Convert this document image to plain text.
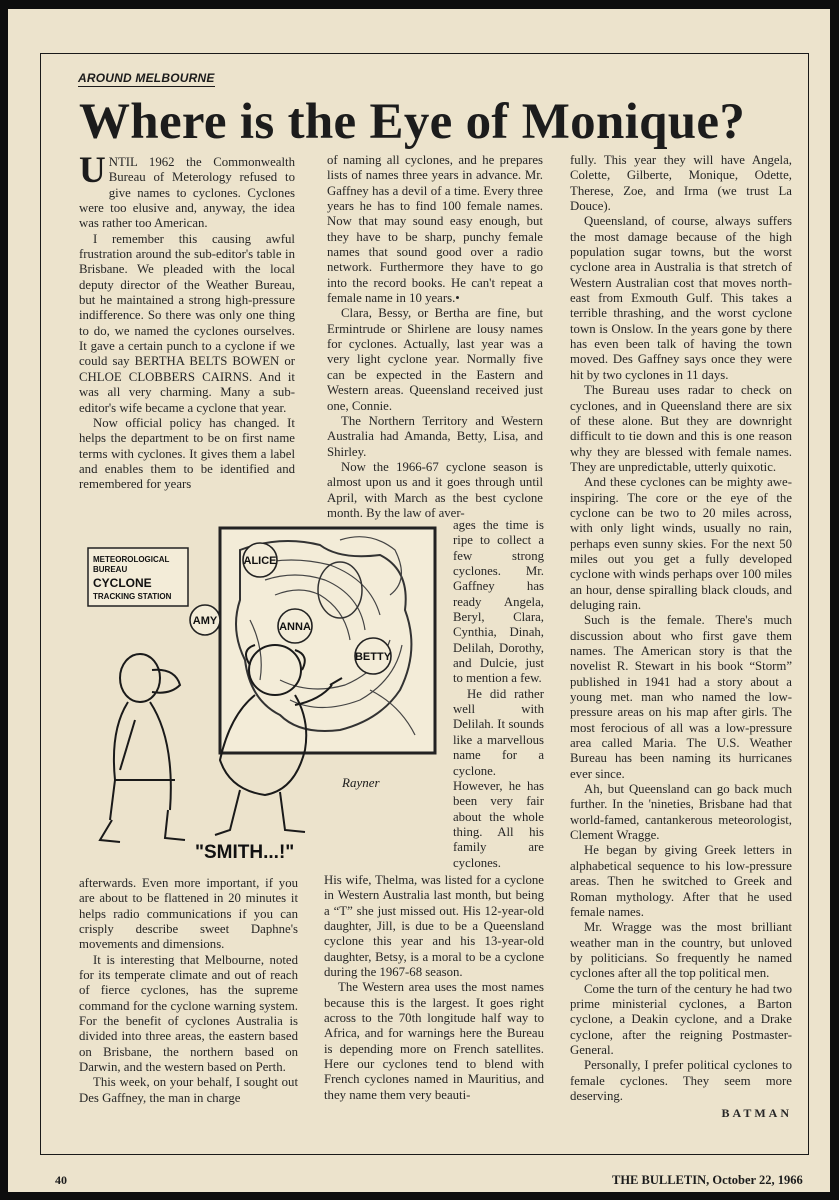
AROUND MELBOURNE
Where is the Eye of Monique?

UNTIL 1962 the Commonwealth Bureau of Meterology refused to give names to cyclones. Cyclones were too elusive and, anyway, the idea was rather too American.

I remember this causing awful frustration around the sub-editor's table in Brisbane. We pleaded with the local deputy director of the Weather Bureau, but he maintained a strong high-pressure indifference. So there was only one thing to do, we named the cyclones ourselves. It gave a certain punch to a cyclone if we could say BERTHA BELTS BOWEN or CHLOE CLOBBERS CAIRNS. And it was all very charming. Many a sub-editor's wife became a cyclone that year.

Now official policy has changed. It helps the department to be on first name terms with cyclones. It gives them a label and enables them to be identified and remembered for years

of naming all cyclones, and he prepares lists of names three years in advance. Mr. Gaffney has a devil of a time. Every three years he has to find 100 female names. Now that may sound easy enough, but they have to be sharp, punchy female names that sound good over a radio network. Furthermore they have to go into the record books. He can't repeat a female name in 10 years.•

Clara, Bessy, or Bertha are fine, but Ermintrude or Shirlene are lousy names for cyclones. Actually, last year was a very light cyclone year. Normally five can be expected in the Eastern and Western areas. Queensland received just one, Connie.

The Northern Territory and Western Australia had Amanda, Betty, Lisa, and Shirley.

Now the 1966-67 cyclone season is almost upon us and it goes through until April, with March as the best cyclone month. By the law of aver-

ages the time is ripe to collect a few strong cyclones. Mr. Gaffney has ready Angela, Beryl, Clara, Cynthia, Dinah, Delilah, Dorothy, and Dulcie, just to mention a few.

He did rather well with Delilah. It sounds like a marvellous name for a cyclone. However, he has been very fair about the whole thing. All his family are cyclones.

ALICE
AMY	ANNA
BETTY
METEOROLOGICAL
BUREAU
CYCLONE
TRACKING STATION
Rayner
"SMITH...!"

afterwards. Even more important, if you are about to be flattened in 20 minutes it helps radio communications if you can crisply describe sweet Daphne's movements and dimensions.

It is interesting that Melbourne, noted for its temperate climate and out of reach of fierce cyclones, has the supreme command for the cyclone warning system. For the benefit of cyclones Australia is divided into three areas, the eastern based on Brisbane, the northern based on Darwin, and the western based on Perth.

This week, on your behalf, I sought out Des Gaffney, the man in charge

His wife, Thelma, was listed for a cyclone in Western Australia last month, but being a “T” she just missed out. His 12-year-old daughter, Jill, is due to be a Queensland cyclone this year and his 13-year-old daughter, Betsy, is a moral to be a cyclone during the 1967-68 season.

The Western area uses the most names because this is the largest. It goes right across to the 70th longitude half way to Africa, and for warnings here the Bureau is depending more on French satellites. Here our cyclones tend to blend with French cyclones named in Mauritius, and they name them very beauti-

fully. This year they will have Angela, Colette, Gilberte, Monique, Odette, Therese, Zoe, and Irma (we trust La Douce).

Queensland, of course, always suffers the most damage because of the high population sugar towns, but the worst cyclone area in Australia is that stretch of Western Australian cost that moves north-east from Exmouth Gulf. This takes a terrible thrashing, and the worst cyclone town is Onslow. In the years gone by there has even been talk of having the town moved. Des Gaffney says once they were hit by two cyclones in 11 days.

The Bureau uses radar to check on cyclones, and in Queensland there are six of these alone. But they are downright difficult to tie down and this is one reason why they are blessed with female names. They are unpredictable, utterly quixotic.

And these cyclones can be mighty awe-inspiring. The core or the eye of the cyclone can be two to 20 miles across, with only light winds, usually no rain, perhaps even sunny skies. For the next 50 miles out you get a fully developed cyclone with winds perhaps over 100 miles an hour, dense spiralling black clouds, and deluging rain.

Such is the female. There's much discussion about who first gave them names. The American story is that the novelist R. Stewart in his book “Storm” published in 1941 had a story about a young met. man who named the low-pressure areas on his map after girls. The most ferocious of all was a low-pressure area called Maria. The U.S. Weather Bureau has been naming its hurricanes ever since.

Ah, but Queensland can go back much further. In the 'nineties, Brisbane had that world-famed, cantankerous meteorologist, Clement Wragge.

He began by giving Greek letters in alphabetical sequence to his low-pressure areas. Then he switched to Greek and Roman mythology. After that he used female names.

Mr. Wragge was the most brilliant weather man in the country, but unloved by politicians. So frequently he named cyclones after all the top political men.

Come the turn of the century he had two prime ministerial cyclones, a Barton cyclone, a Deakin cyclone, and a Drake cyclone, after the reigning Postmaster-General.

Personally, I prefer political cyclones to female cyclones. They seem more deserving.

BATMAN
40	THE BULLETIN, October 22, 1966
